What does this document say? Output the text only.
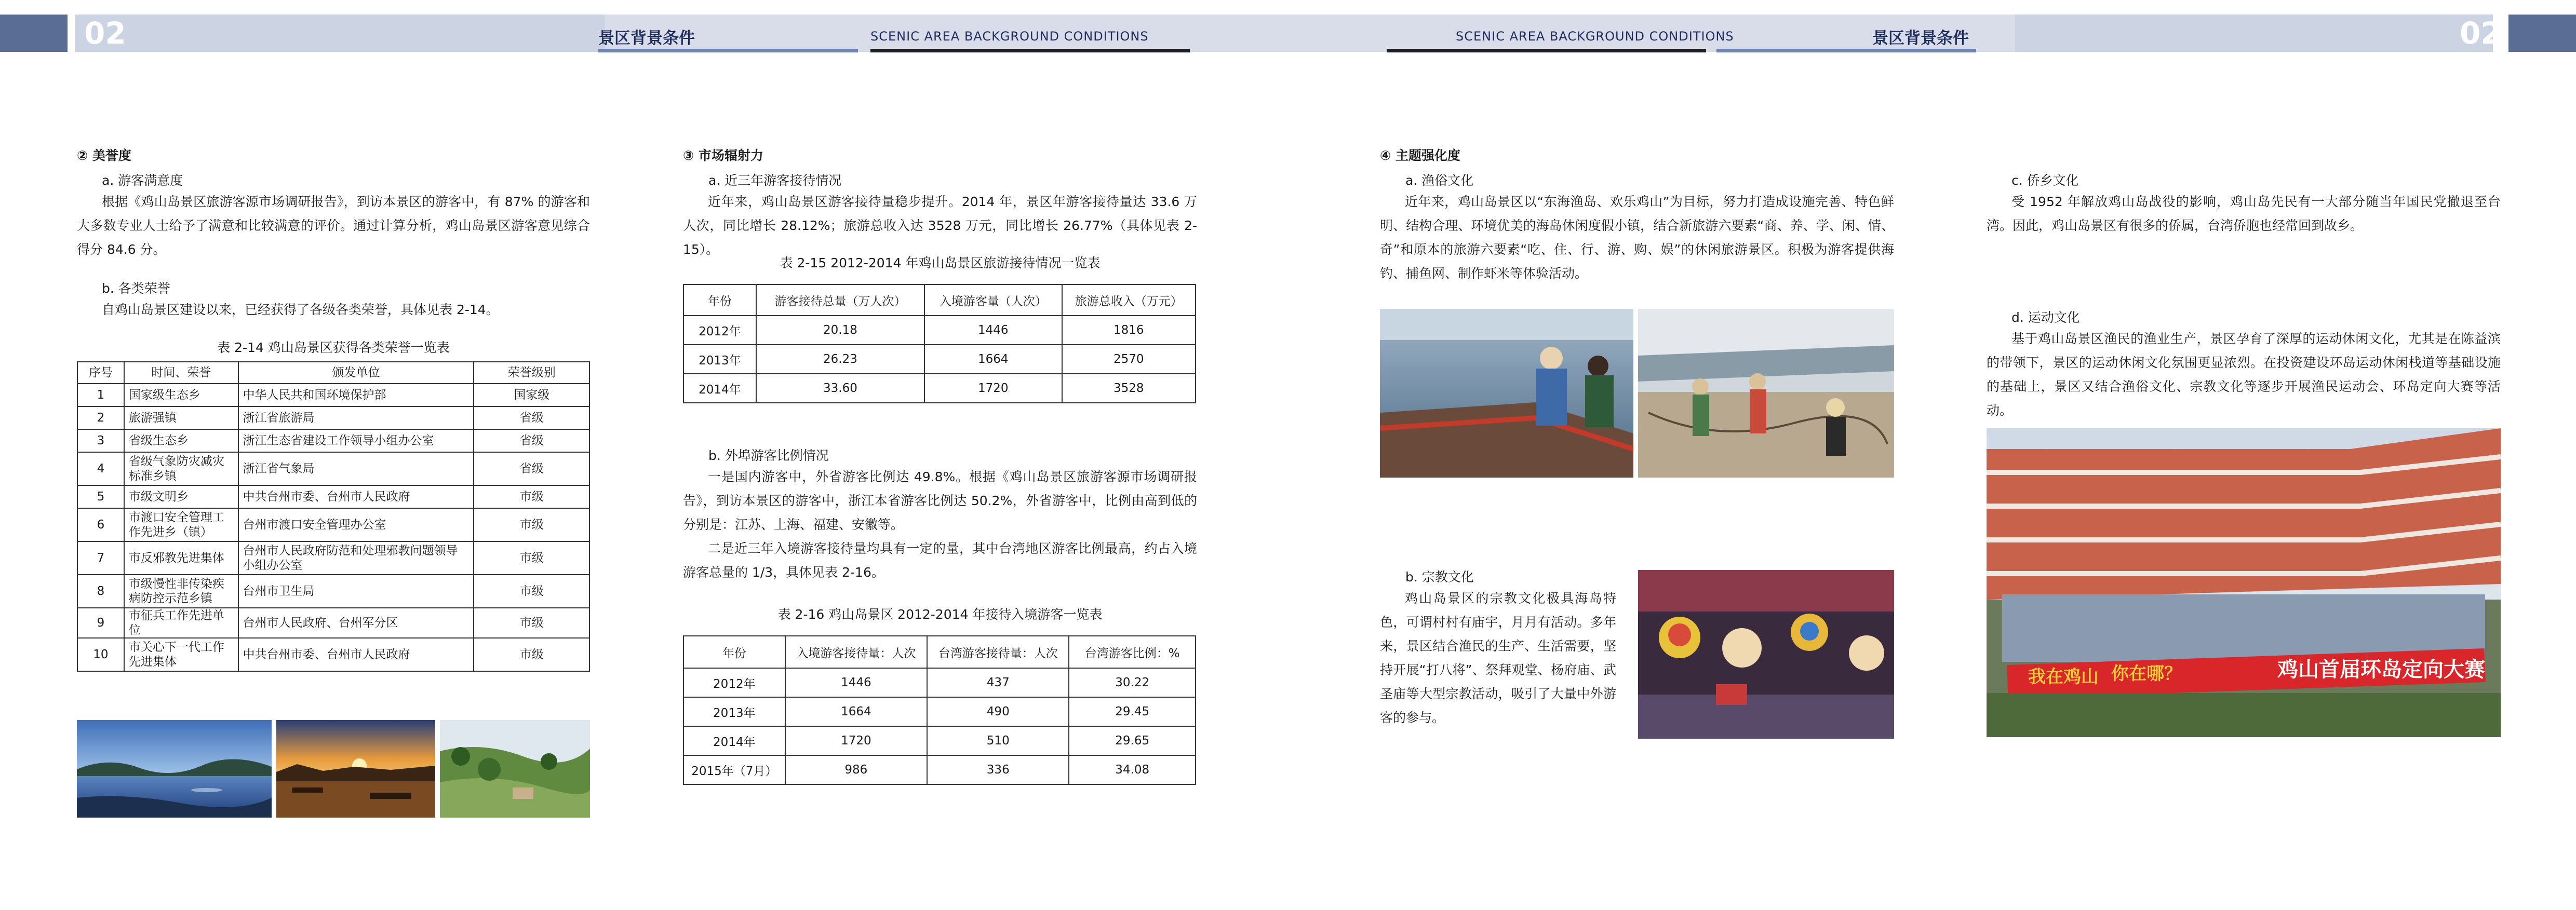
02	02
景区背景条件	SCENIC AREA BACKGROUND CONDITIONS	SCENIC AREA BACKGROUND CONDITIONS	景区背景条件
② 美誉度
a. 游客满意度
根据《鸡山岛景区旅游客源市场调研报告》，到访本景区的游客中，有 87% 的游客和大多数专业人士给予了满意和比较满意的评价。通过计算分析，鸡山岛景区游客意见综合得分 84.6 分。
b. 各类荣誉
自鸡山岛景区建设以来，已经获得了各级各类荣誉，具体见表 2-14。
表 2-14 鸡山岛景区获得各类荣誉一览表
序号	时间、荣誉	颁发单位	荣誉级别
1	国家级生态乡	中华人民共和国环境保护部	国家级
2	旅游强镇	浙江省旅游局	省级
3	省级生态乡	浙江生态省建设工作领导小组办公室	省级
4	省级气象防灾减灾标准乡镇	浙江省气象局	省级
5	市级文明乡	中共台州市委、台州市人民政府	市级
6	市渡口安全管理工作先进乡（镇）	台州市渡口安全管理办公室	市级
7	市反邪教先进集体	台州市人民政府防范和处理邪教问题领导小组办公室	市级
8	市级慢性非传染疾病防控示范乡镇	台州市卫生局	市级
9	市征兵工作先进单位	台州市人民政府、台州军分区	市级
10	市关心下一代工作先进集体	中共台州市委、台州市人民政府	市级
③ 市场辐射力
a. 近三年游客接待情况
近年来，鸡山岛景区游客接待量稳步提升。2014 年，景区年游客接待量达 33.6 万人次，同比增长 28.12%；旅游总收入达 3528 万元，同比增长 26.77%（具体见表 2-15）。
表 2-15 2012-2014 年鸡山岛景区旅游接待情况一览表
年份	游客接待总量（万人次）	入境游客量（人次）	旅游总收入（万元）
2012年	20.18	1446	1816
2013年	26.23	1664	2570
2014年	33.60	1720	3528
b. 外埠游客比例情况
一是国内游客中，外省游客比例达 49.8%。根据《鸡山岛景区旅游客源市场调研报告》，到访本景区的游客中，浙江本省游客比例达 50.2%，外省游客中，比例由高到低的分别是：江苏、上海、福建、安徽等。
二是近三年入境游客接待量均具有一定的量，其中台湾地区游客比例最高，约占入境游客总量的 1/3，具体见表 2-16。
表 2-16 鸡山岛景区 2012-2014 年接待入境游客一览表
年份	入境游客接待量：人次	台湾游客接待量：人次	台湾游客比例：%
2012年	1446	437	30.22
2013年	1664	490	29.45
2014年	1720	510	29.65
2015年（7月）	986	336	34.08
④ 主题强化度
a. 渔俗文化
近年来，鸡山岛景区以“东海渔岛、欢乐鸡山”为目标，努力打造成设施完善、特色鲜明、结构合理、环境优美的海岛休闲度假小镇，结合新旅游六要素“商、养、学、闲、情、奇”和原本的旅游六要素“吃、住、行、游、购、娱”的休闲旅游景区。积极为游客提供海钓、捕鱼网、制作虾米等体验活动。
b. 宗教文化
鸡山岛景区的宗教文化极具海岛特色，可谓村村有庙宇，月月有活动。多年来，景区结合渔民的生产、生活需要，坚持开展“打八将”、祭拜观堂、杨府庙、武圣庙等大型宗教活动，吸引了大量中外游客的参与。
c. 侨乡文化
受 1952 年解放鸡山岛战役的影响，鸡山岛先民有一大部分随当年国民党撤退至台湾。因此，鸡山岛景区有很多的侨属，台湾侨胞也经常回到故乡。
d. 运动文化
基于鸡山岛景区渔民的渔业生产，景区孕育了深厚的运动休闲文化，尤其是在陈益滨的带领下，景区的运动休闲文化氛围更显浓烈。在投资建设环岛运动休闲栈道等基础设施的基础上，景区又结合渔俗文化、宗教文化等逐步开展渔民运动会、环岛定向大赛等活动。
我在鸡山 你在哪？	鸡山首届环岛定向大赛
